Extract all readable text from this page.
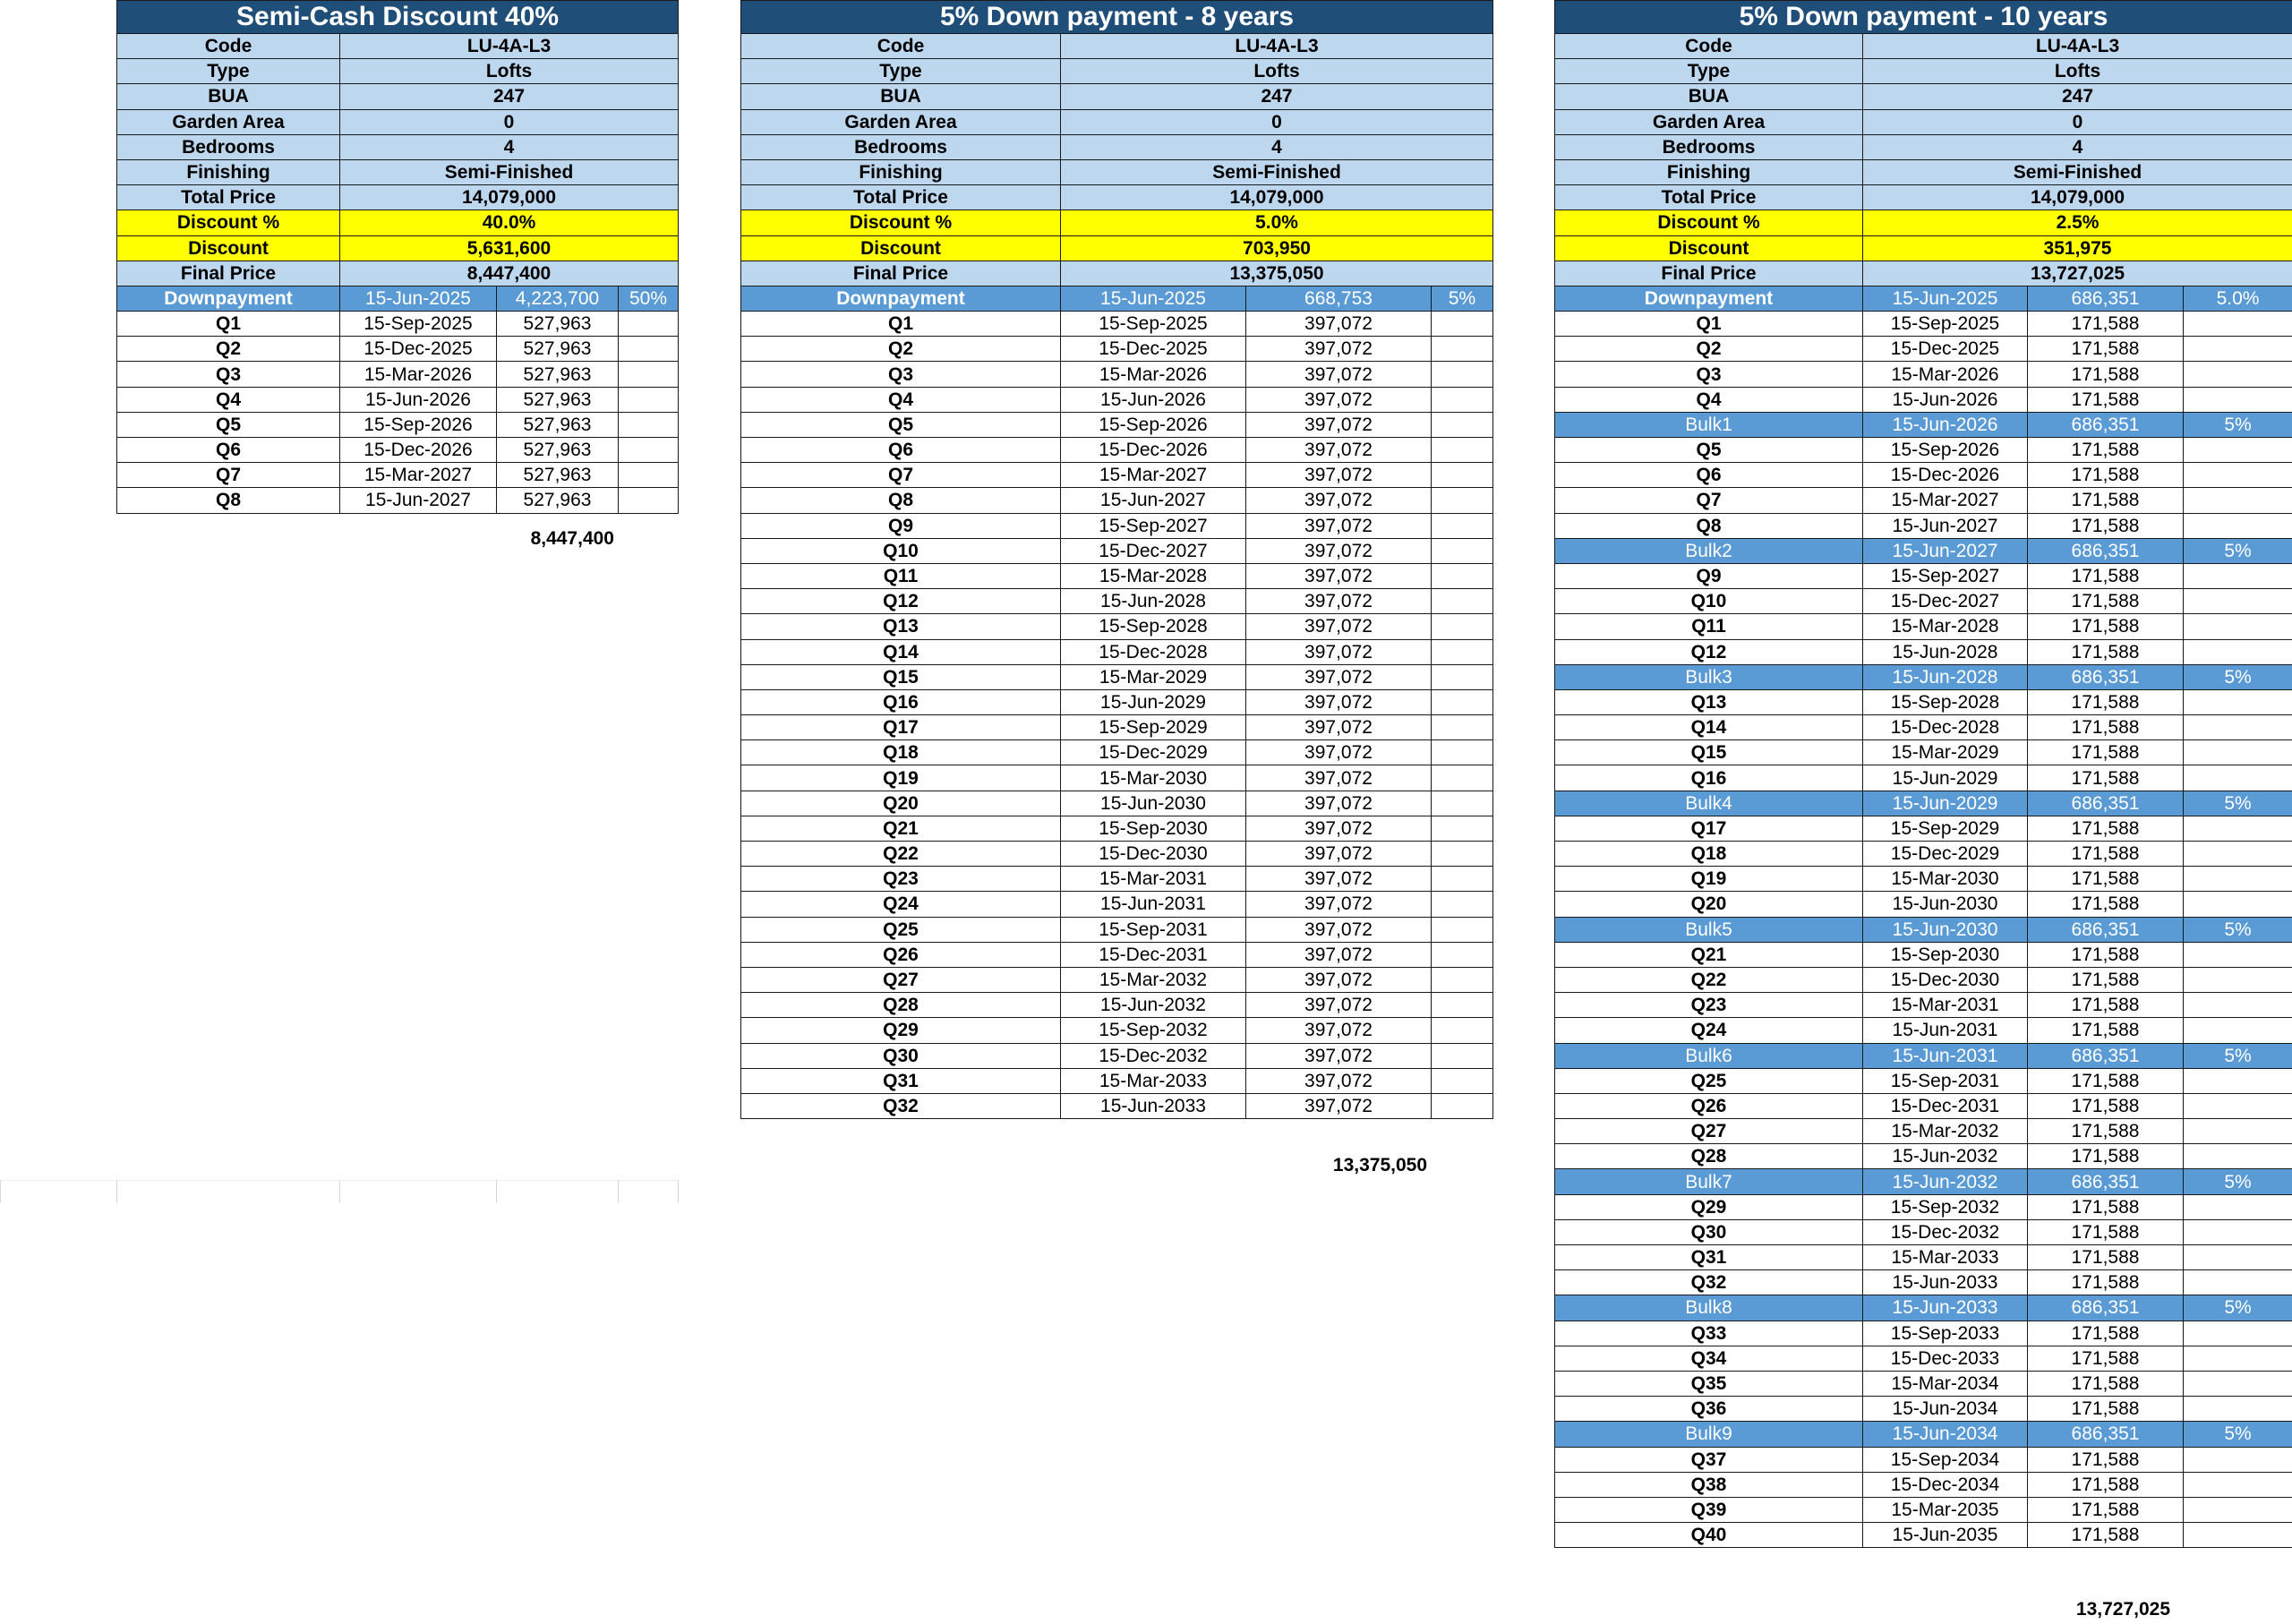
Semi-Cash Discount 40%			
Code	LU-4A-L3		
Type	Lofts		
BUA	247		
Garden Area	0		
Bedrooms	4		
Finishing	Semi-Finished		
Total Price	14,079,000		
Discount %	40.0%		
Discount	5,631,600		
Final Price	8,447,400		
Downpayment	15-Jun-2025	4,223,700	50%
Q1	15-Sep-2025	527,963	
Q2	15-Dec-2025	527,963	
Q3	15-Mar-2026	527,963	
Q4	15-Jun-2026	527,963	
Q5	15-Sep-2026	527,963	
Q6	15-Dec-2026	527,963	
Q7	15-Mar-2027	527,963	
Q8	15-Jun-2027	527,963	
8,447,400
5% Down payment - 8 years			
Code	LU-4A-L3		
Type	Lofts		
BUA	247		
Garden Area	0		
Bedrooms	4		
Finishing	Semi-Finished		
Total Price	14,079,000		
Discount %	5.0%		
Discount	703,950		
Final Price	13,375,050		
Downpayment	15-Jun-2025	668,753	5%
Q1	15-Sep-2025	397,072	
Q2	15-Dec-2025	397,072	
Q3	15-Mar-2026	397,072	
Q4	15-Jun-2026	397,072	
Q5	15-Sep-2026	397,072	
Q6	15-Dec-2026	397,072	
Q7	15-Mar-2027	397,072	
Q8	15-Jun-2027	397,072	
Q9	15-Sep-2027	397,072	
Q10	15-Dec-2027	397,072	
Q11	15-Mar-2028	397,072	
Q12	15-Jun-2028	397,072	
Q13	15-Sep-2028	397,072	
Q14	15-Dec-2028	397,072	
Q15	15-Mar-2029	397,072	
Q16	15-Jun-2029	397,072	
Q17	15-Sep-2029	397,072	
Q18	15-Dec-2029	397,072	
Q19	15-Mar-2030	397,072	
Q20	15-Jun-2030	397,072	
Q21	15-Sep-2030	397,072	
Q22	15-Dec-2030	397,072	
Q23	15-Mar-2031	397,072	
Q24	15-Jun-2031	397,072	
Q25	15-Sep-2031	397,072	
Q26	15-Dec-2031	397,072	
Q27	15-Mar-2032	397,072	
Q28	15-Jun-2032	397,072	
Q29	15-Sep-2032	397,072	
Q30	15-Dec-2032	397,072	
Q31	15-Mar-2033	397,072	
Q32	15-Jun-2033	397,072	
13,375,050
5% Down payment - 10 years			
Code	LU-4A-L3		
Type	Lofts		
BUA	247		
Garden Area	0		
Bedrooms	4		
Finishing	Semi-Finished		
Total Price	14,079,000		
Discount %	2.5%		
Discount	351,975		
Final Price	13,727,025		
Downpayment	15-Jun-2025	686,351	5.0%
Q1	15-Sep-2025	171,588	
Q2	15-Dec-2025	171,588	
Q3	15-Mar-2026	171,588	
Q4	15-Jun-2026	171,588	
Bulk1	15-Jun-2026	686,351	5%
Q5	15-Sep-2026	171,588	
Q6	15-Dec-2026	171,588	
Q7	15-Mar-2027	171,588	
Q8	15-Jun-2027	171,588	
Bulk2	15-Jun-2027	686,351	5%
Q9	15-Sep-2027	171,588	
Q10	15-Dec-2027	171,588	
Q11	15-Mar-2028	171,588	
Q12	15-Jun-2028	171,588	
Bulk3	15-Jun-2028	686,351	5%
Q13	15-Sep-2028	171,588	
Q14	15-Dec-2028	171,588	
Q15	15-Mar-2029	171,588	
Q16	15-Jun-2029	171,588	
Bulk4	15-Jun-2029	686,351	5%
Q17	15-Sep-2029	171,588	
Q18	15-Dec-2029	171,588	
Q19	15-Mar-2030	171,588	
Q20	15-Jun-2030	171,588	
Bulk5	15-Jun-2030	686,351	5%
Q21	15-Sep-2030	171,588	
Q22	15-Dec-2030	171,588	
Q23	15-Mar-2031	171,588	
Q24	15-Jun-2031	171,588	
Bulk6	15-Jun-2031	686,351	5%
Q25	15-Sep-2031	171,588	
Q26	15-Dec-2031	171,588	
Q27	15-Mar-2032	171,588	
Q28	15-Jun-2032	171,588	
Bulk7	15-Jun-2032	686,351	5%
Q29	15-Sep-2032	171,588	
Q30	15-Dec-2032	171,588	
Q31	15-Mar-2033	171,588	
Q32	15-Jun-2033	171,588	
Bulk8	15-Jun-2033	686,351	5%
Q33	15-Sep-2033	171,588	
Q34	15-Dec-2033	171,588	
Q35	15-Mar-2034	171,588	
Q36	15-Jun-2034	171,588	
Bulk9	15-Jun-2034	686,351	5%
Q37	15-Sep-2034	171,588	
Q38	15-Dec-2034	171,588	
Q39	15-Mar-2035	171,588	
Q40	15-Jun-2035	171,588	
13,727,025
